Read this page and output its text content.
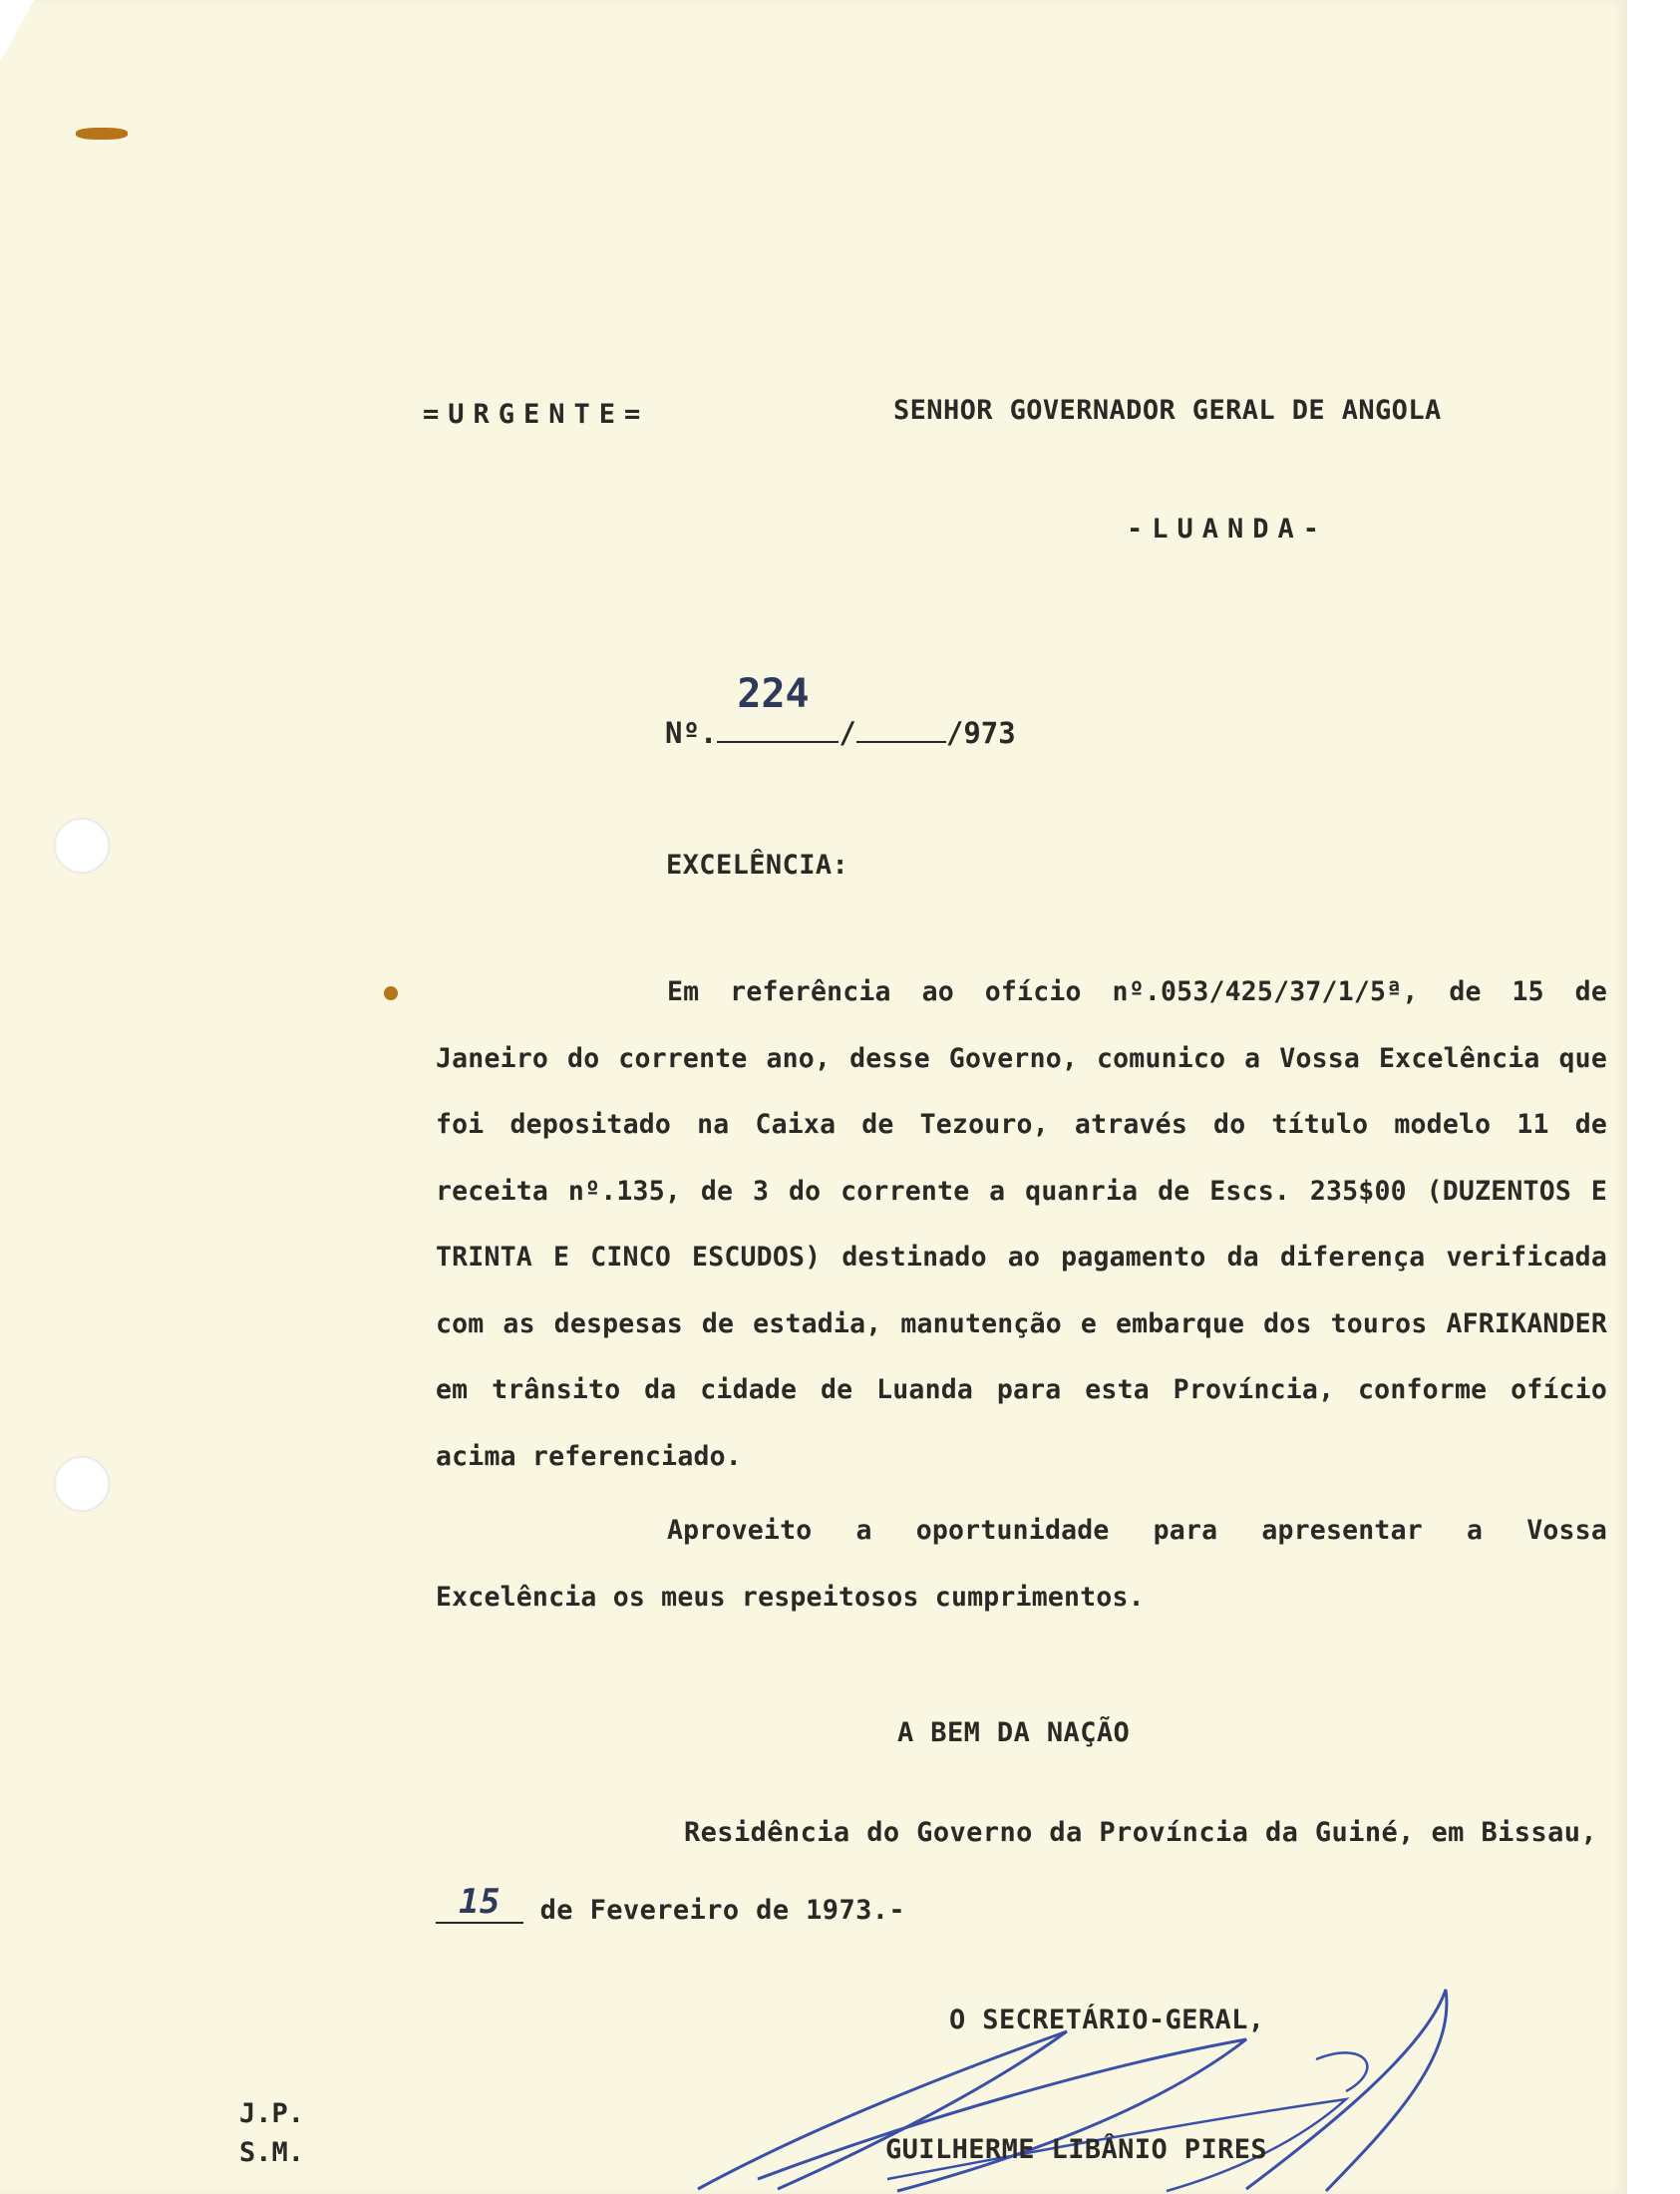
=URGENTE=	SENHOR GOVERNADOR GERAL DE ANGOLA
-LUANDA-
Nº.
224
/	/973
EXCELÊNCIA:
Em referência ao ofício nº.053/425/37/1/5ª, de 15 de Janeiro do corrente ano, desse Governo, comunico a Vossa Excelência que foi depositado na Caixa de Tezouro, através do título modelo 11 de receita nº.135, de 3 do corrente a quanria de Escs. 235$00 (DUZENTOS E TRINTA E CINCO ESCUDOS) destinado ao pagamento da diferença verificada com as despesas de estadia, manutenção e embarque dos touros AFRIKANDER em trânsito da cidade de Luanda para esta Província, conforme ofício acima referenciado.
Aproveito a oportunidade para apresentar a Vossa Excelência os meus respeitosos cumprimentos.
A BEM DA NAÇÃO
Residência do Governo da Província da Guiné, em Bissau,
15 de Fevereiro de 1973.-
O SECRETÁRIO-GERAL,
GUILHERME LIBÂNIO PIRES
J.P.
S.M.
